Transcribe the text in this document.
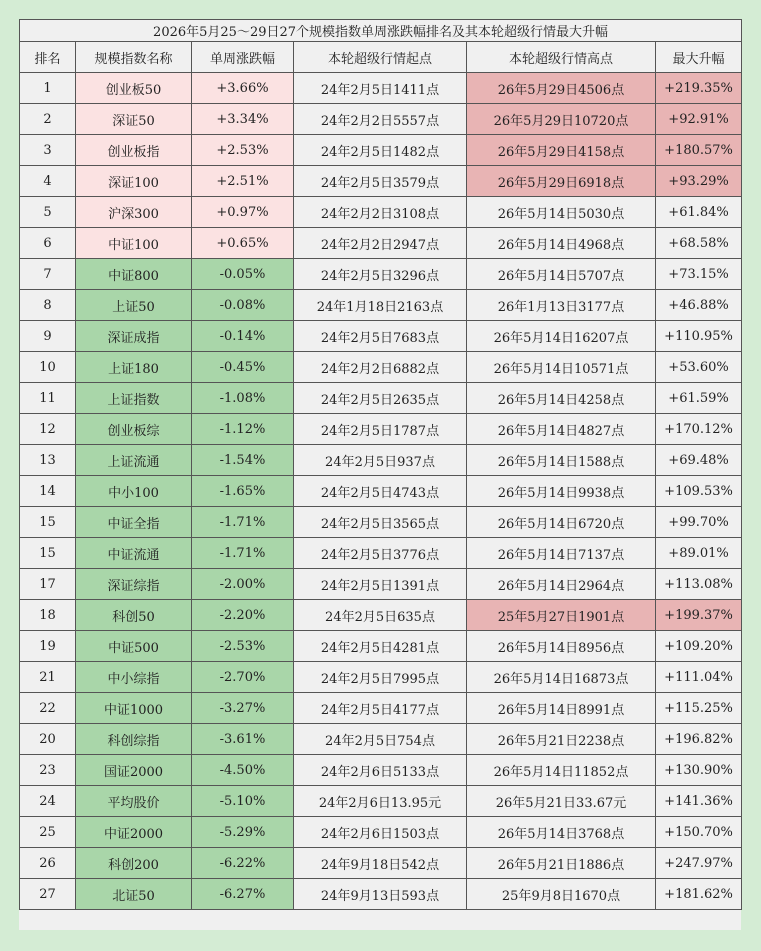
2026年5月25～29日27个规模指数单周涨跌幅排名及其本轮超级行情最大升幅					
排名	规模指数名称	单周涨跌幅	本轮超级行情起点	本轮超级行情高点	最大升幅
1	创业板50	+3.66%	24年2月5日1411点	26年5月29日4506点	+219.35%
2	深证50	+3.34%	24年2月2日5557点	26年5月29日10720点	+92.91%
3	创业板指	+2.53%	24年2月5日1482点	26年5月29日4158点	+180.57%
4	深证100	+2.51%	24年2月5日3579点	26年5月29日6918点	+93.29%
5	沪深300	+0.97%	24年2月2日3108点	26年5月14日5030点	+61.84%
6	中证100	+0.65%	24年2月2日2947点	26年5月14日4968点	+68.58%
7	中证800	-0.05%	24年2月5日3296点	26年5月14日5707点	+73.15%
8	上证50	-0.08%	24年1月18日2163点	26年1月13日3177点	+46.88%
9	深证成指	-0.14%	24年2月5日7683点	26年5月14日16207点	+110.95%
10	上证180	-0.45%	24年2月2日6882点	26年5月14日10571点	+53.60%
11	上证指数	-1.08%	24年2月5日2635点	26年5月14日4258点	+61.59%
12	创业板综	-1.12%	24年2月5日1787点	26年5月14日4827点	+170.12%
13	上证流通	-1.54%	24年2月5日937点	26年5月14日1588点	+69.48%
14	中小100	-1.65%	24年2月5日4743点	26年5月14日9938点	+109.53%
15	中证全指	-1.71%	24年2月5日3565点	26年5月14日6720点	+99.70%
15	中证流通	-1.71%	24年2月5日3776点	26年5月14日7137点	+89.01%
17	深证综指	-2.00%	24年2月5日1391点	26年5月14日2964点	+113.08%
18	科创50	-2.20%	24年2月5日635点	25年5月27日1901点	+199.37%
19	中证500	-2.53%	24年2月5日4281点	26年5月14日8956点	+109.20%
21	中小综指	-2.70%	24年2月5日7995点	26年5月14日16873点	+111.04%
22	中证1000	-3.27%	24年2月5日4177点	26年5月14日8991点	+115.25%
20	科创综指	-3.61%	24年2月5日754点	26年5月21日2238点	+196.82%
23	国证2000	-4.50%	24年2月6日5133点	26年5月14日11852点	+130.90%
24	平均股价	-5.10%	24年2月6日13.95元	26年5月21日33.67元	+141.36%
25	中证2000	-5.29%	24年2月6日1503点	26年5月14日3768点	+150.70%
26	科创200	-6.22%	24年9月18日542点	26年5月21日1886点	+247.97%
27	北证50	-6.27%	24年9月13日593点	25年9月8日1670点	+181.62%
